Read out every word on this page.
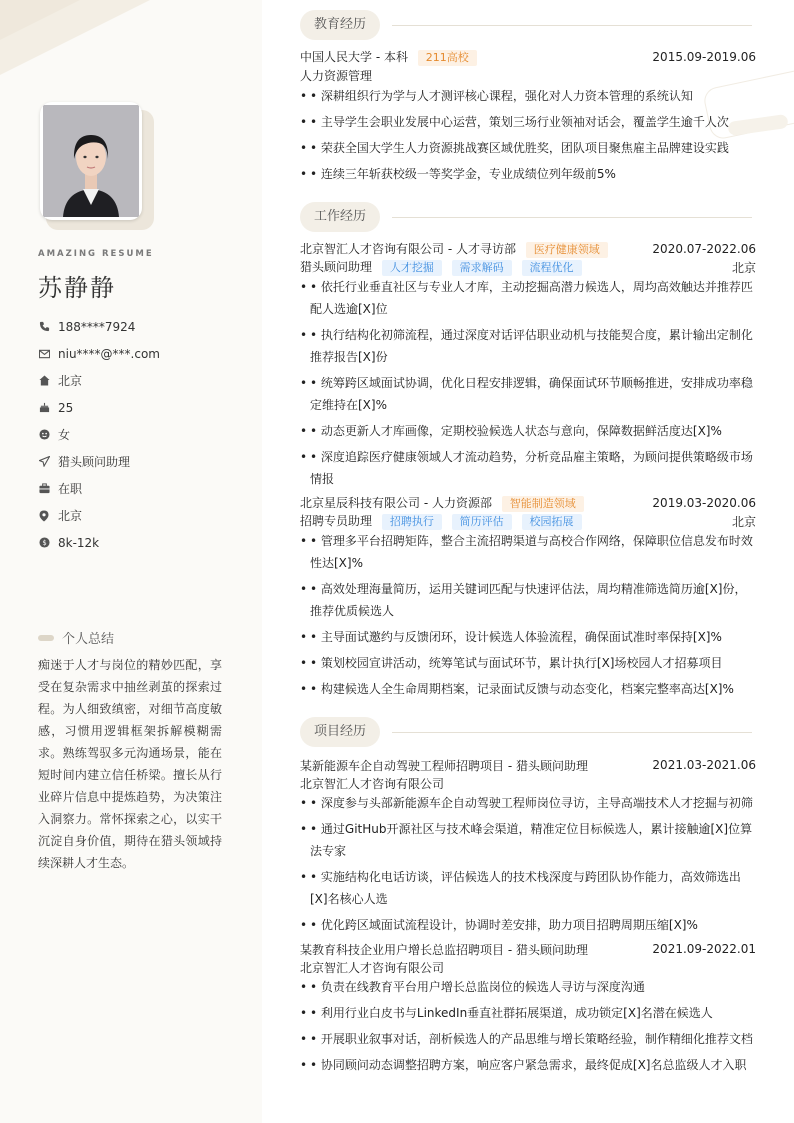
AMAZING RESUME
苏静静
188****7924
niu****@***.com
北京
25
女
猎头顾问助理
在职
北京
$ 8k-12k
个人总结
痴迷于人才与岗位的精妙匹配，享受在复杂需求中抽丝剥茧的探索过程。为人细致缜密，对细节高度敏感，习惯用逻辑框架拆解模糊需求。熟练驾驭多元沟通场景，能在短时间内建立信任桥梁。擅长从行业碎片信息中提炼趋势，为决策注入洞察力。常怀探索之心，以实干沉淀自身价值，期待在猎头领域持续深耕人才生态。
教育经历
中国人民大学 - 本科 211高校	2015.09-2019.06
人力资源管理
• • 深耕组织行为学与人才测评核心课程，强化对人力资本管理的系统认知
• • 主导学生会职业发展中心运营，策划三场行业领袖对话会，覆盖学生逾千人次
• • 荣获全国大学生人力资源挑战赛区域优胜奖，团队项目聚焦雇主品牌建设实践
• • 连续三年斩获校级一等奖学金，专业成绩位列年级前5%
工作经历
北京智汇人才咨询有限公司 - 人才寻访部 医疗健康领域	2020.07-2022.06
猎头顾问助理 人才挖掘 需求解码 流程优化	北京
• • 依托行业垂直社区与专业人才库，主动挖掘高潜力候选人，周均高效触达并推荐匹配人选逾[X]位
• • 执行结构化初筛流程，通过深度对话评估职业动机与技能契合度，累计输出定制化推荐报告[X]份
• • 统筹跨区域面试协调，优化日程安排逻辑，确保面试环节顺畅推进，安排成功率稳定维持在[X]%
• • 动态更新人才库画像，定期校验候选人状态与意向，保障数据鲜活度达[X]%
• • 深度追踪医疗健康领域人才流动趋势，分析竞品雇主策略，为顾问提供策略级市场情报
北京星辰科技有限公司 - 人力资源部 智能制造领域	2019.03-2020.06
招聘专员助理 招聘执行 简历评估 校园拓展	北京
• • 管理多平台招聘矩阵，整合主流招聘渠道与高校合作网络，保障职位信息发布时效性达[X]%
• • 高效处理海量简历，运用关键词匹配与快速评估法，周均精准筛选简历逾[X]份，推荐优质候选人
• • 主导面试邀约与反馈闭环，设计候选人体验流程，确保面试准时率保持[X]%
• • 策划校园宣讲活动，统筹笔试与面试环节，累计执行[X]场校园人才招募项目
• • 构建候选人全生命周期档案，记录面试反馈与动态变化，档案完整率高达[X]%
项目经历
某新能源车企自动驾驶工程师招聘项目 - 猎头顾问助理	2021.03-2021.06
北京智汇人才咨询有限公司
• • 深度参与头部新能源车企自动驾驶工程师岗位寻访，主导高端技术人才挖掘与初筛
• • 通过GitHub开源社区与技术峰会渠道，精准定位目标候选人，累计接触逾[X]位算法专家
• • 实施结构化电话访谈，评估候选人的技术栈深度与跨团队协作能力，高效筛选出[X]名核心人选
• • 优化跨区域面试流程设计，协调时差安排，助力项目招聘周期压缩[X]%
某教育科技企业用户增长总监招聘项目 - 猎头顾问助理	2021.09-2022.01
北京智汇人才咨询有限公司
• • 负责在线教育平台用户增长总监岗位的候选人寻访与深度沟通
• • 利用行业白皮书与LinkedIn垂直社群拓展渠道，成功锁定[X]名潜在候选人
• • 开展职业叙事对话，剖析候选人的产品思维与增长策略经验，制作精细化推荐文档
• • 协同顾问动态调整招聘方案，响应客户紧急需求，最终促成[X]名总监级人才入职
